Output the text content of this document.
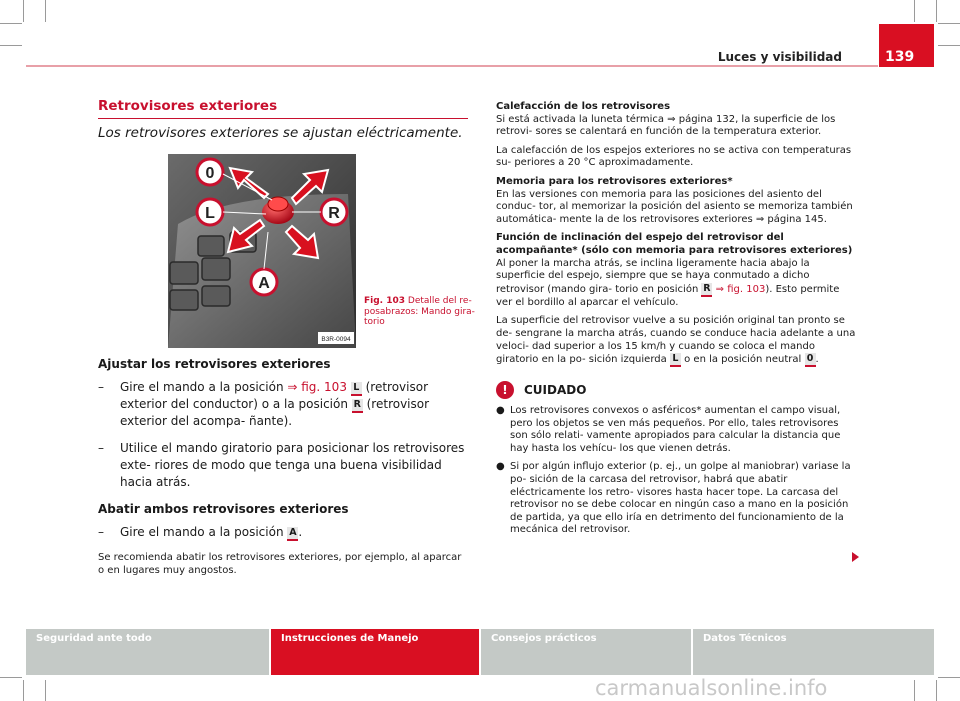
Luces y visibilidad	139
Retrovisores exteriores
Los retrovisores exteriores se ajustan eléctricamente.
0
L	R
A
B3R-0094
Fig. 103 Detalle del re- posabrazos: Mando gira- torio
Ajustar los retrovisores exteriores
– Gire el mando a la posición ⇒ fig. 103 L (retrovisor exterior del conductor) o a la posición R (retrovisor exterior del acompa- ñante).
– Utilice el mando giratorio para posicionar los retrovisores exte- riores de modo que tenga una buena visibilidad hacia atrás.
Abatir ambos retrovisores exteriores
– Gire el mando a la posición A .
Se recomienda abatir los retrovisores exteriores, por ejemplo, al aparcar o en lugares muy angostos.

Calefacción de los retrovisores

Si está activada la luneta térmica ⇒ página 132, la superficie de los retrovi- sores se calentará en función de la temperatura exterior.

La calefacción de los espejos exteriores no se activa con temperaturas su- periores a 20 °C aproximadamente.

Memoria para los retrovisores exteriores*

En las versiones con memoria para las posiciones del asiento del conduc- tor, al memorizar la posición del asiento se memoriza también automática- mente la de los retrovisores exteriores ⇒ página 145.

Función de inclinación del espejo del retrovisor del acompañante* (sólo con memoria para retrovisores exteriores)

Al poner la marcha atrás, se inclina ligeramente hacia abajo la superficie del espejo, siempre que se haya conmutado a dicho retrovisor (mando gira- torio en posición R ⇒ fig. 103). Esto permite ver el bordillo al aparcar el vehículo.

La superficie del retrovisor vuelve a su posición original tan pronto se de- sengrane la marcha atrás, cuando se conduce hacia adelante a una veloci- dad superior a los 15 km/h y cuando se coloca el mando giratorio en la po- sición izquierda L o en la posición neutral 0 .

!	CUIDADO
● Los retrovisores convexos o asféricos* aumentan el campo visual, pero los objetos se ven más pequeños. Por ello, tales retrovisores son sólo relati- vamente apropiados para calcular la distancia que hay hasta los vehícu- los que vienen detrás.
● Si por algún influjo exterior (p. ej., un golpe al maniobrar) variase la po- sición de la carcasa del retrovisor, habrá que abatir eléctricamente los retro- visores hasta hacer tope. La carcasa del retrovisor no se debe colocar en ningún caso a mano en la posición de partida, ya que ello iría en detrimento del funcionamiento de la mecánica del retrovisor.
Seguridad ante todo	Instrucciones de Manejo	Consejos prácticos	Datos Técnicos
carmanualsonline.info
